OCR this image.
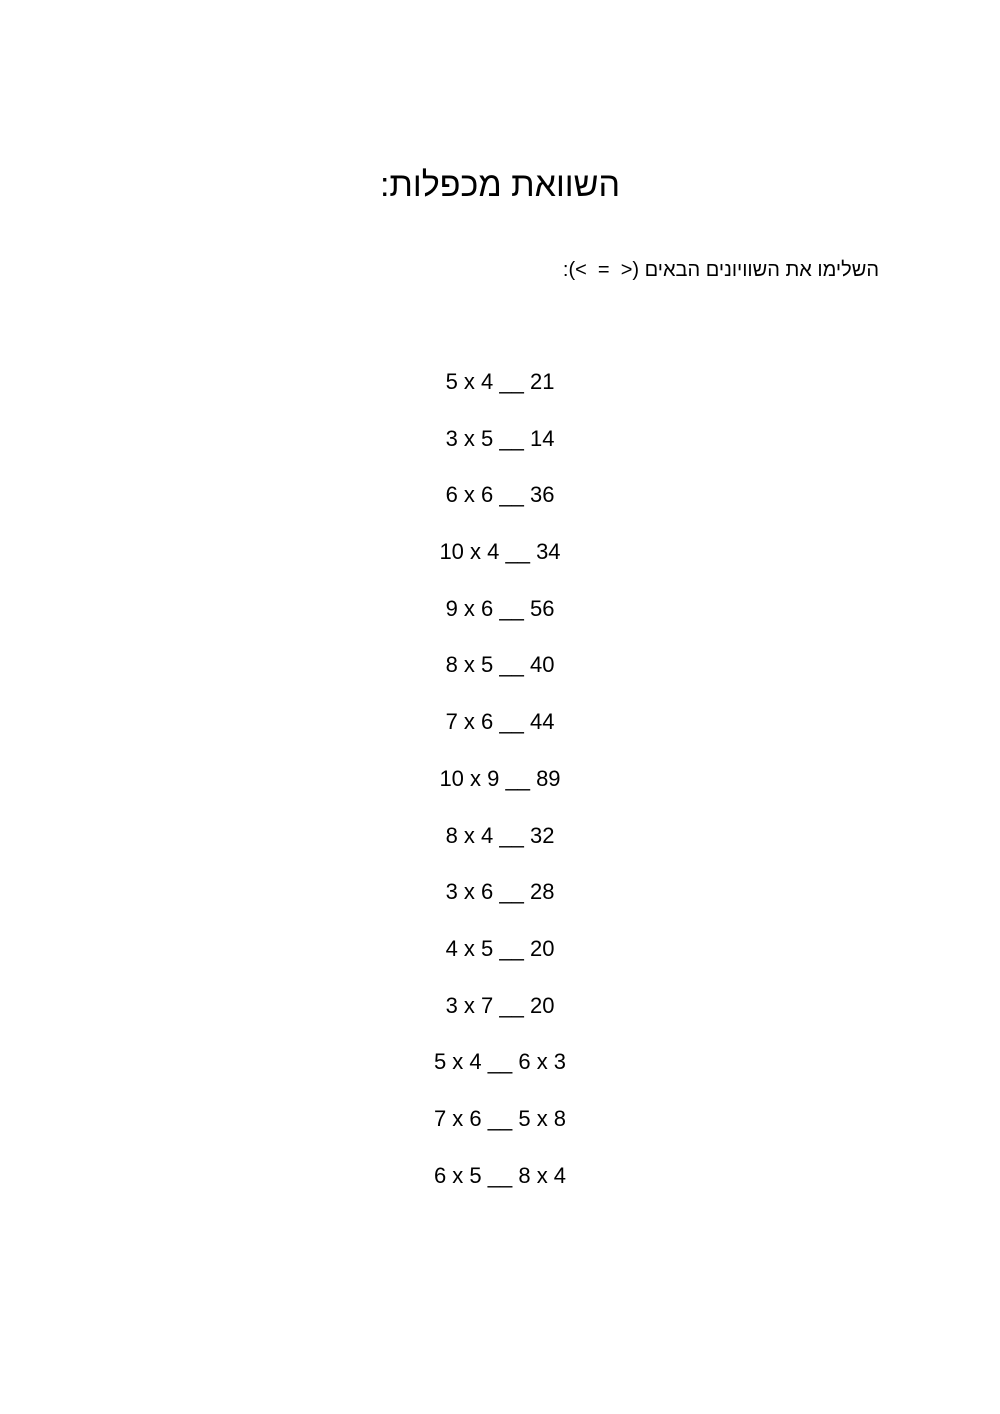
השוואת מכפלות:
השלימו את השוויונים הבאים (<  =  >):
5 x 4 __ 21
3 x 5 __ 14
6 x 6 __ 36
10 x 4 __ 34
9 x 6 __ 56
8 x 5 __ 40
7 x 6 __ 44
10 x 9 __ 89
8 x 4 __ 32
3 x 6 __ 28
4 x 5 __ 20
3 x 7 __ 20
5 x 4 __ 6 x 3
7 x 6 __ 5 x 8
6 x 5 __ 8 x 4
